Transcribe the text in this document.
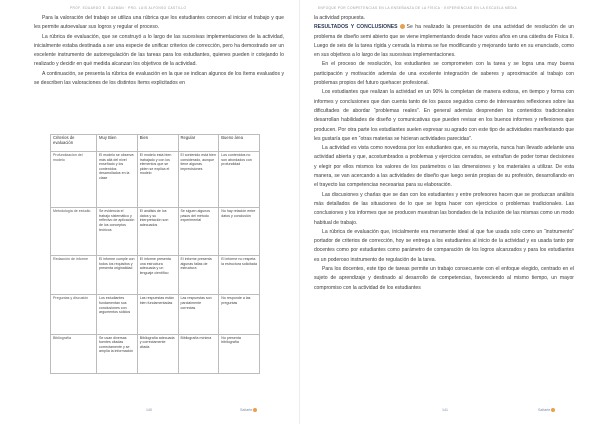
PROF. EDUARDO E. GUZMÁN · PRO. LUIS ALFONSO CASTILLO

Para la valoración del trabajo se utiliza una rúbrica que los estudiantes conocen al iniciar el trabajo y que les permite autoevaluar sus logros y regular el proceso.

La rúbrica de evaluación, que se construyó a lo largo de las sucesivas implementaciones de la actividad, inicialmente estaba destinada a ser una especie de unificar criterios de corrección, pero ha demostrado ser un excelente instrumento de autorregulación de las tareas para los estudiantes, quienes pueden ir cotejando lo realizado y decidir en qué medida alcanzan los objetivos de la actividad.

A continuación, se presenta la rúbrica de evaluación en la que se indican algunos de los ítems evaluados y se describen las valoraciones de los distintos ítems explicitados en

Criterios de evaluación	Muy Bien	Bien	Regular	Bueno área
Profundización del modelo	El modelo se observa más allá del nivel enseñado y los contenidos desarrollados en la clase	El modelo está bien trabajado y con los elementos que se piden se explica el modelo	El contenido está bien considerado, aunque tiene algunas imprecisiones	Los contenidos no son abordados con profundidad
Metodología de estudio	Se evidencia el trabajo sistemático y reflexivo de aplicación de los conceptos teóricos	El análisis de los datos y su interpretación son adecuados	Se siguen algunos pasos del método experimental	No hay relación entre datos y conclusión
Redacción de informe	El informe cumple con todos los requisitos y presenta originalidad	El informe presenta una estructura adecuada y un lenguaje científico	El informe presenta algunas fallas de estructura	El informe no respeta la estructura solicitada
Preguntas y discusión	Los estudiantes fundamentan sus conclusiones con argumentos sólidos	Las respuestas están bien fundamentadas	Las respuestas son parcialmente correctas	No responde a las preguntas
Bibliografía	Se usan diversas fuentes citadas correctamente y se amplía la información	Bibliografía adecuada y correctamente citada	Bibliografía mínima	No presenta bibliografía
140	Saltarte
ENFOQUE POR COMPETENCIAS EN LA ENSEÑANZA DE LA FÍSICA · EXPERIENCIAS EN LA ESCUELA MEDIA

la actividad propuesta.

RESULTADOS Y CONCLUSIONES Se ha realizado la presentación de una actividad de resolución de un problema de diseño semi abierto que se viene implementando desde hace varios años en una cátedra de Física II. Luego de seis de la tarea rígida y cerrada la misma se fue modificando y mejorando tanto en su enunciado, como en sus objetivos a lo largo de las sucesivas implementaciones.

En el proceso de resolución, los estudiantes se comprometen con la tarea y se logra una muy buena participación y motivación además de una excelente integración de saberes y aproximación al trabajo con problemas propios del futuro quehacer profesional.

Los estudiantes que realizan la actividad en un 90% la completan de manera exitosa, en tiempo y forma con informes y conclusiones que dan cuenta tanto de los pasos seguidos como de interesantes reflexiones sobre las dificultades de abordar “problemas reales”. En general además desprenden los contenidos tradicionales desarrollan habilidades de diseño y comunicativas que pueden revisar en los buenos informes y reflexiones que producen. Por otra parte los estudiantes suelen expresar su agrado con este tipo de actividades manifestando que les gustaría que en “otras materias se hicieran actividades parecidas”.

La actividad es vista como novedosa por los estudiantes que, en su mayoría, nunca han llevado adelante una actividad abierta y que, acostumbrados a problemas y ejercicios cerrados, se extrañan de poder tomar decisiones y elegir por ellos mismos los valores de los parámetros o las dimensiones y los materiales a utilizar. De esta manera, se van acercando a las actividades de diseño que luego serán propias de su profesión, desarrollando en el trayecto las competencias necesarias para su elaboración.

Las discusiones y charlas que se dan con los estudiantes y entre profesores hacen que se produzcan análisis más detallados de las situaciones de lo que se logra hacer con ejercicios o problemas tradicionales. Las conclusiones y los informes que se producen muestran las bondades de la inclusión de las mismas como un modo habitual de trabajo.

La rúbrica de evaluación que, inicialmente era meramente ideal al que fue usada solo como un “instrumento” portador de criterios de corrección, hoy se entrega a los estudiantes al inicio de la actividad y es usada tanto por docentes como por estudiantes como parámetro de comparación de los logros alcanzados y para los estudiantes es un poderoso instrumento de regulación de la tarea.

Para los docentes, este tipo de tareas permite un trabajo consecuente con el enfoque elegido, centrado en el sujeto de aprendizaje y destinado al desarrollo de competencias, favoreciendo al mismo tiempo, un mayor compromiso con la actividad de los estudiantes

141	Saltarte
